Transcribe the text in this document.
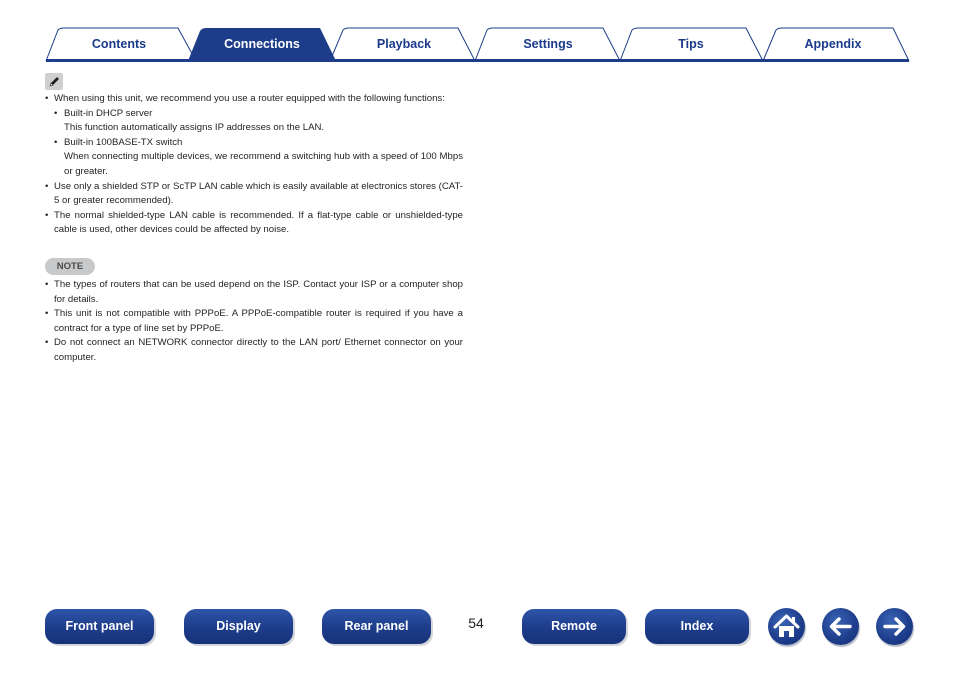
Contents	Connections	Playback	Settings	Tips	Appendix
• When using this unit, we recommend you use a router equipped with the following functions:
• Built-in DHCP server
This function automatically assigns IP addresses on the LAN.
• Built-in 100BASE-TX switch
When connecting multiple devices, we recommend a switching hub with a speed of 100 Mbps or greater.
• Use only a shielded STP or ScTP LAN cable which is easily available at electronics stores (CAT-5 or greater recommended).
• The normal shielded-type LAN cable is recommended. If a flat-type cable or unshielded-type cable is used, other devices could be affected by noise.
NOTE
• The types of routers that can be used depend on the ISP. Contact your ISP or a computer shop for details.
• This unit is not compatible with PPPoE. A PPPoE-compatible router is required if you have a contract for a type of line set by PPPoE.
• Do not connect an NETWORK connector directly to the LAN port/ Ethernet connector on your computer.
Front panel	Display	Rear panel	54	Remote	Index
